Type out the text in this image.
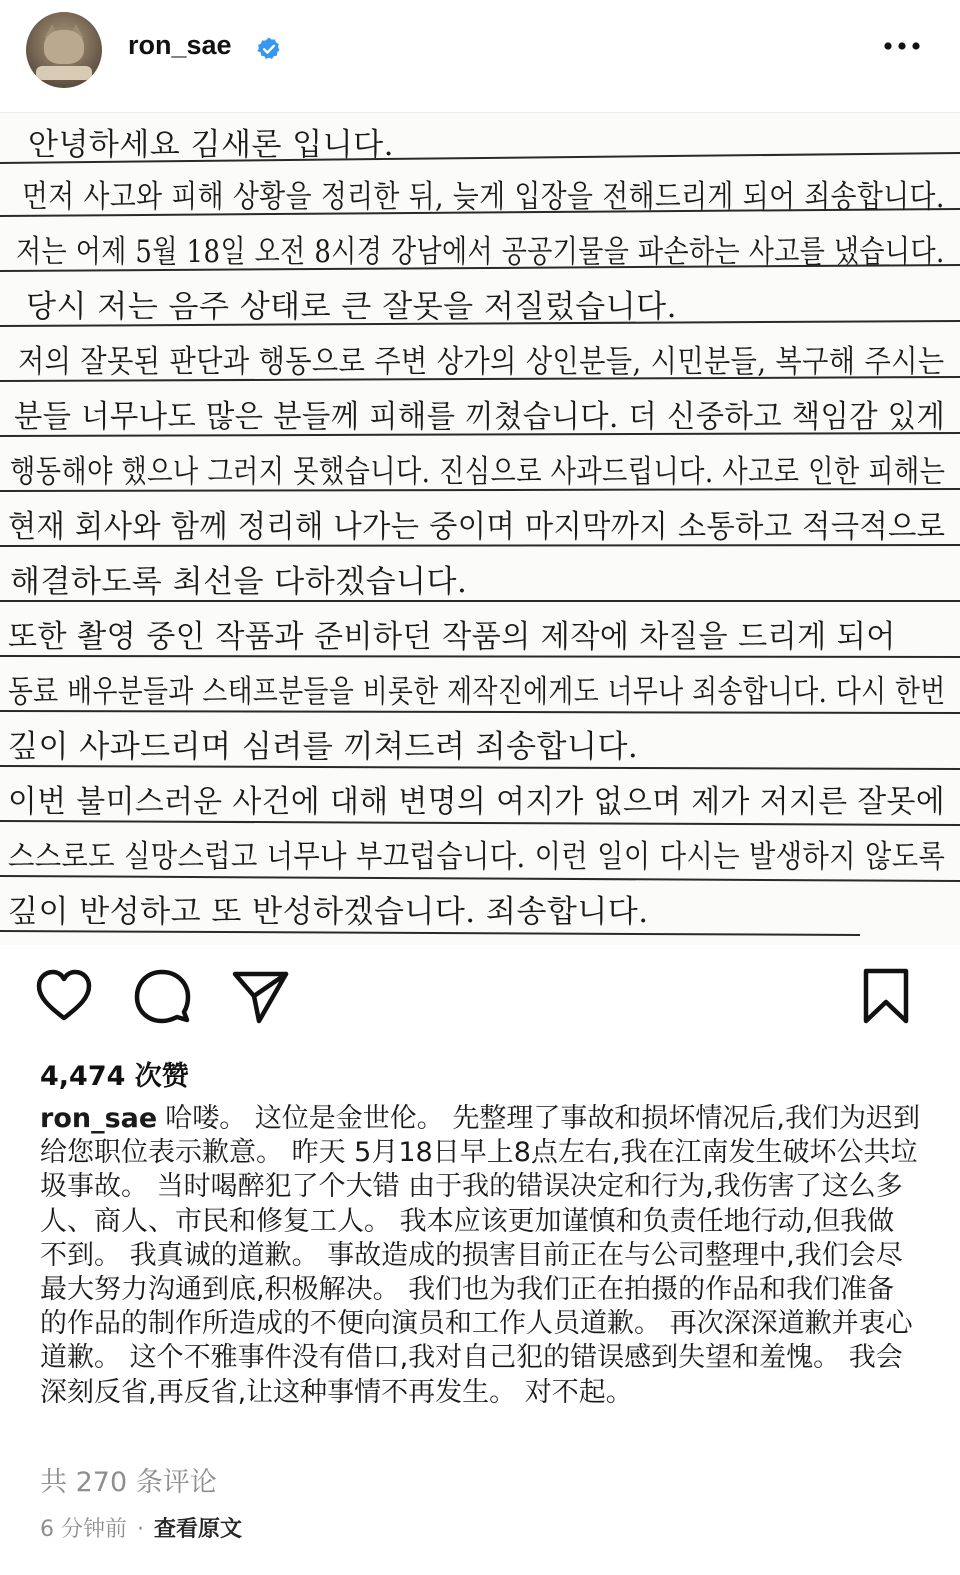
ron_sae
안녕하세요 김새론 입니다.
먼저 사고와 피해 상황을 정리한 뒤, 늦게 입장을 전해드리게 되어 죄송합니다.
저는 어제 5월 18일 오전 8시경 강남에서 공공기물을 파손하는 사고를 냈습니다.
당시 저는 음주 상태로 큰 잘못을 저질렀습니다.
저의 잘못된 판단과 행동으로 주변 상가의 상인분들, 시민분들, 복구해 주시는
분들 너무나도 많은 분들께 피해를 끼쳤습니다. 더 신중하고 책임감 있게
행동해야 했으나 그러지 못했습니다. 진심으로 사과드립니다. 사고로 인한 피해는
현재 회사와 함께 정리해 나가는 중이며 마지막까지 소통하고 적극적으로
해결하도록 최선을 다하겠습니다.
또한 촬영 중인 작품과 준비하던 작품의 제작에 차질을 드리게 되어
동료 배우분들과 스태프분들을 비롯한 제작진에게도 너무나 죄송합니다. 다시 한번
깊이 사과드리며 심려를 끼쳐드려 죄송합니다.
이번 불미스러운 사건에 대해 변명의 여지가 없으며 제가 저지른 잘못에
스스로도 실망스럽고 너무나 부끄럽습니다. 이런 일이 다시는 발생하지 않도록
깊이 반성하고 또 반성하겠습니다. 죄송합니다.
4,474 次赞
ron_sae 哈喽。 这位是金世伦。 先整理了事故和损坏情况后,我们为迟到给您职位表示歉意。 昨天 5月18日早上8点左右,我在江南发生破坏公共垃圾事故。 当时喝醉犯了个大错 由于我的错误决定和行为,我伤害了这么多人、商人、市民和修复工人。 我本应该更加谨慎和负责任地行动,但我做不到。 我真诚的道歉。 事故造成的损害目前正在与公司整理中,我们会尽最大努力沟通到底,积极解决。 我们也为我们正在拍摄的作品和我们准备的作品的制作所造成的不便向演员和工作人员道歉。 再次深深道歉并衷心道歉。 这个不雅事件没有借口,我对自己犯的错误感到失望和羞愧。 我会深刻反省,再反省,让这种事情不再发生。 对不起。
共 270 条评论
6 分钟前 · 查看原文
